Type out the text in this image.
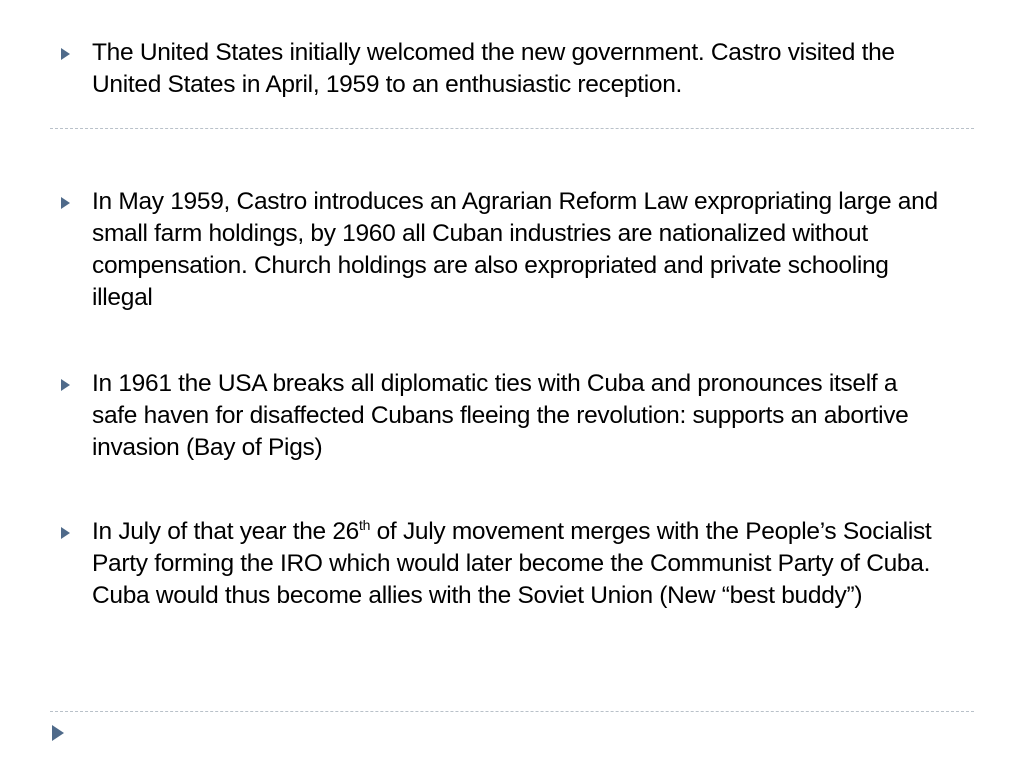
The United States initially welcomed the new government. Castro visited the United States in April, 1959 to an enthusiastic reception.
In May 1959, Castro introduces an Agrarian Reform Law expropriating large and small farm holdings, by 1960 all Cuban industries are nationalized without compensation. Church holdings are also expropriated and private schooling illegal
In 1961 the USA breaks all diplomatic ties with Cuba and pronounces itself a safe haven for disaffected Cubans fleeing the revolution: supports an abortive invasion (Bay of Pigs)
In July of that year the 26th of July movement merges with the People’s Socialist Party forming the IRO which would later become the Communist Party of Cuba. Cuba would thus become allies with the Soviet Union (New “best buddy”)
